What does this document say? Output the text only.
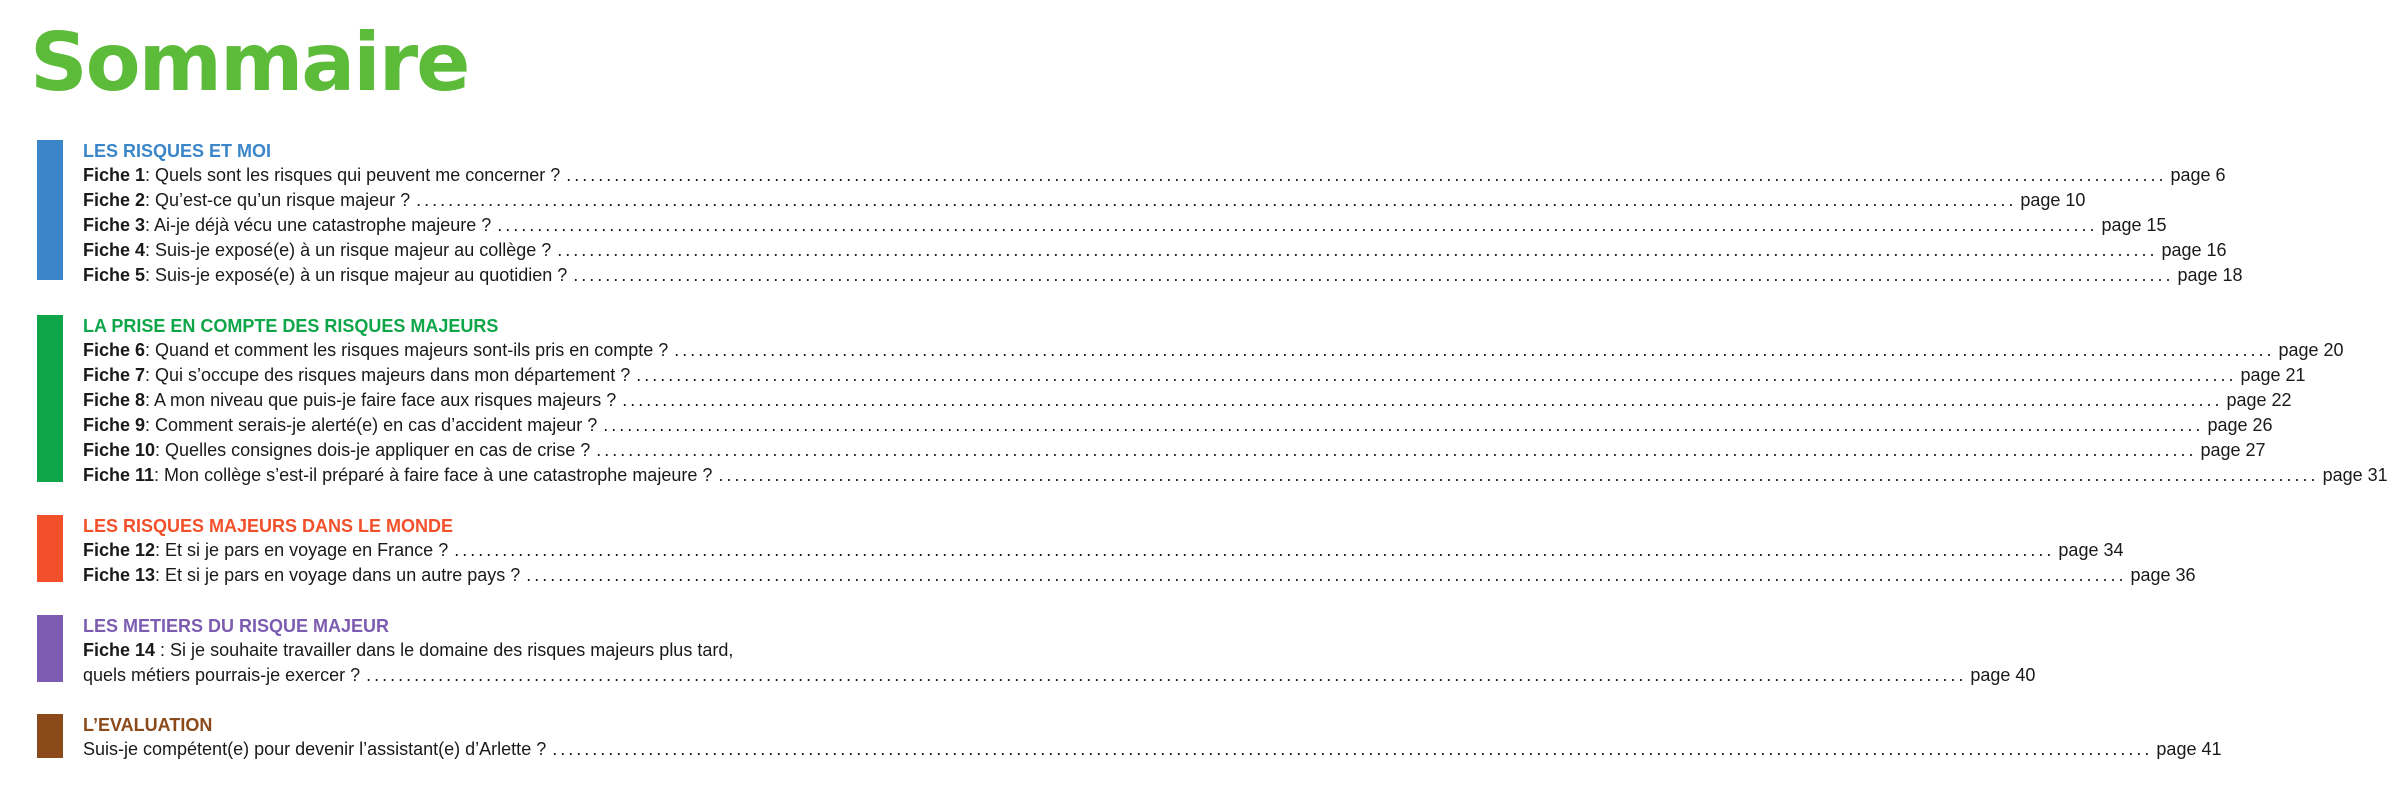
Sommaire
LES RISQUES ET MOI
Fiche 1 : Quels sont les risques qui peuvent me concerner ? ........................................................................................................................................................................................................ page 6
Fiche 2 : Qu’est-ce qu’un risque majeur ? ........................................................................................................................................................................................................ page 10
Fiche 3 : Ai-je déjà vécu une catastrophe majeure ? ........................................................................................................................................................................................................ page 15
Fiche 4 : Suis-je exposé(e) à un risque majeur au collège ? ........................................................................................................................................................................................................ page 16
Fiche 5 : Suis-je exposé(e) à un risque majeur au quotidien ? ........................................................................................................................................................................................................ page 18
LA PRISE EN COMPTE DES RISQUES MAJEURS
Fiche 6 : Quand et comment les risques majeurs sont-ils pris en compte ? ........................................................................................................................................................................................................ page 20
Fiche 7 : Qui s’occupe des risques majeurs dans mon département ? ........................................................................................................................................................................................................ page 21
Fiche 8 : A mon niveau que puis-je faire face aux risques majeurs ? ........................................................................................................................................................................................................ page 22
Fiche 9 : Comment serais-je alerté(e) en cas d’accident majeur ? ........................................................................................................................................................................................................ page 26
Fiche 10 : Quelles consignes dois-je appliquer en cas de crise ? ........................................................................................................................................................................................................ page 27
Fiche 11 : Mon collège s’est-il préparé à faire face à une catastrophe majeure ? ........................................................................................................................................................................................................ page 31
LES RISQUES MAJEURS DANS LE MONDE
Fiche 12 : Et si je pars en voyage en France ? ........................................................................................................................................................................................................ page 34
Fiche 13 : Et si je pars en voyage dans un autre pays ? ........................................................................................................................................................................................................ page 36
LES METIERS DU RISQUE MAJEUR
Fiche 14 : Si je souhaite travailler dans le domaine des risques majeurs plus tard,
quels métiers pourrais-je exercer ? ........................................................................................................................................................................................................ page 40
L’EVALUATION
Suis-je compétent(e) pour devenir l’assistant(e) d’Arlette ? ........................................................................................................................................................................................................ page 41
